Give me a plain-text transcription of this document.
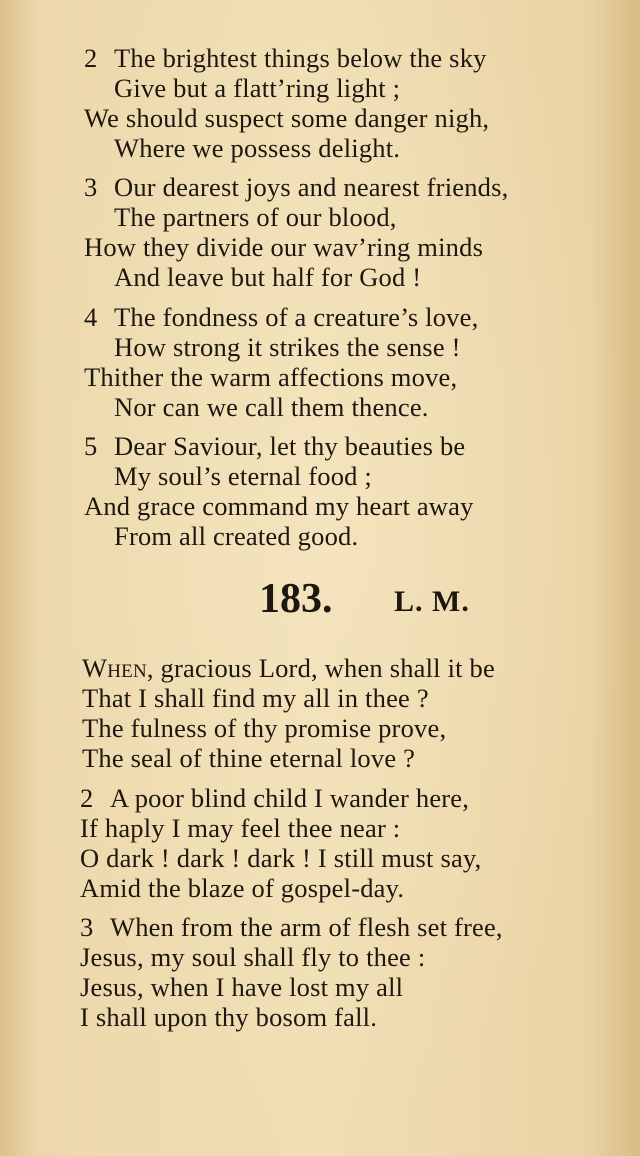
2 The brightest things below the sky
Give but a flatt’ring light ;
We should suspect some danger nigh,
Where we possess delight.
3 Our dearest joys and nearest friends,
The partners of our blood,
How they divide our wav’ring minds
And leave but half for God !
4 The fondness of a creature’s love,
How strong it strikes the sense !
Thither the warm affections move,
Nor can we call them thence.
5 Dear Saviour, let thy beauties be
My soul’s eternal food ;
And grace command my heart away
From all created good.
183. L. M.
When, gracious Lord, when shall it be
That I shall find my all in thee ?
The fulness of thy promise prove,
The seal of thine eternal love ?
2 A poor blind child I wander here,
If haply I may feel thee near :
O dark ! dark ! dark ! I still must say,
Amid the blaze of gospel-day.
3 When from the arm of flesh set free,
Jesus, my soul shall fly to thee :
Jesus, when I have lost my all
I shall upon thy bosom fall.
